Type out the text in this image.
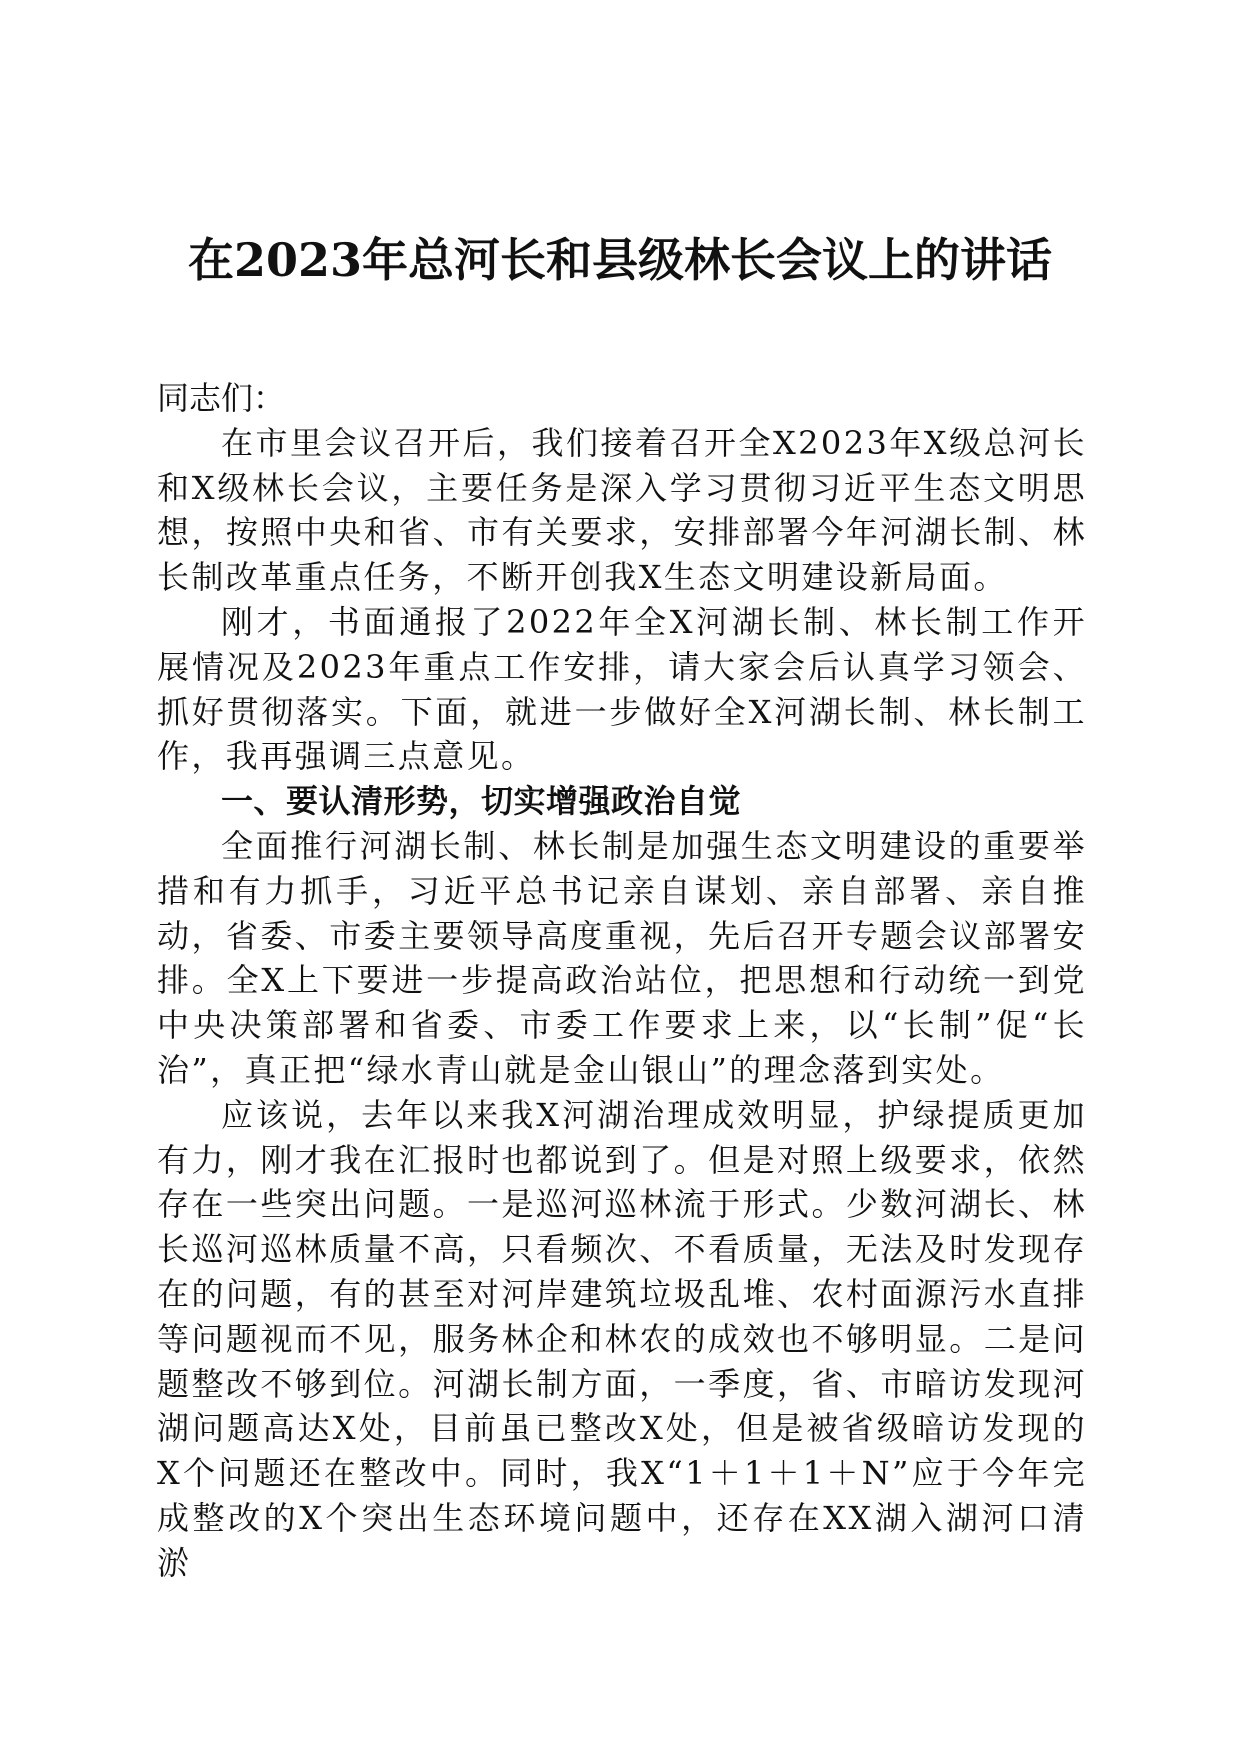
在2023年总河长和县级林长会议上的讲话

同志们：

在市里会议召开后，我们接着召开全X2023年X级总河长和X级林长会议，主要任务是深入学习贯彻习近平生态文明思想，按照中央和省、市有关要求，安排部署今年河湖长制、林长制改革重点任务，不断开创我X生态文明建设新局面。

刚才，书面通报了2022年全X河湖长制、林长制工作开展情况及2023年重点工作安排，请大家会后认真学习领会、抓好贯彻落实。下面，就进一步做好全X河湖长制、林长制工作，我再强调三点意见。

一、要认清形势，切实增强政治自觉

全面推行河湖长制、林长制是加强生态文明建设的重要举措和有力抓手，习近平总书记亲自谋划、亲自部署、亲自推动，省委、市委主要领导高度重视，先后召开专题会议部署安排。全X上下要进一步提高政治站位，把思想和行动统一到党中央决策部署和省委、市委工作要求上来，以“长制”促“长治”，真正把“绿水青山就是金山银山”的理念落到实处。

应该说，去年以来我X河湖治理成效明显，护绿提质更加有力，刚才我在汇报时也都说到了。但是对照上级要求，依然存在一些突出问题。一是巡河巡林流于形式。少数河湖长、林长巡河巡林质量不高，只看频次、不看质量，无法及时发现存在的问题，有的甚至对河岸建筑垃圾乱堆、农村面源污水直排等问题视而不见，服务林企和林农的成效也不够明显。二是问题整改不够到位。河湖长制方面，一季度，省、市暗访发现河湖问题高达X处，目前虽已整改X处，但是被省级暗访发现的X个问题还在整改中。同时，我X“1＋1＋1＋N”应于今年完成整改的X个突出生态环境问题中，还存在XX湖入湖河口清淤
